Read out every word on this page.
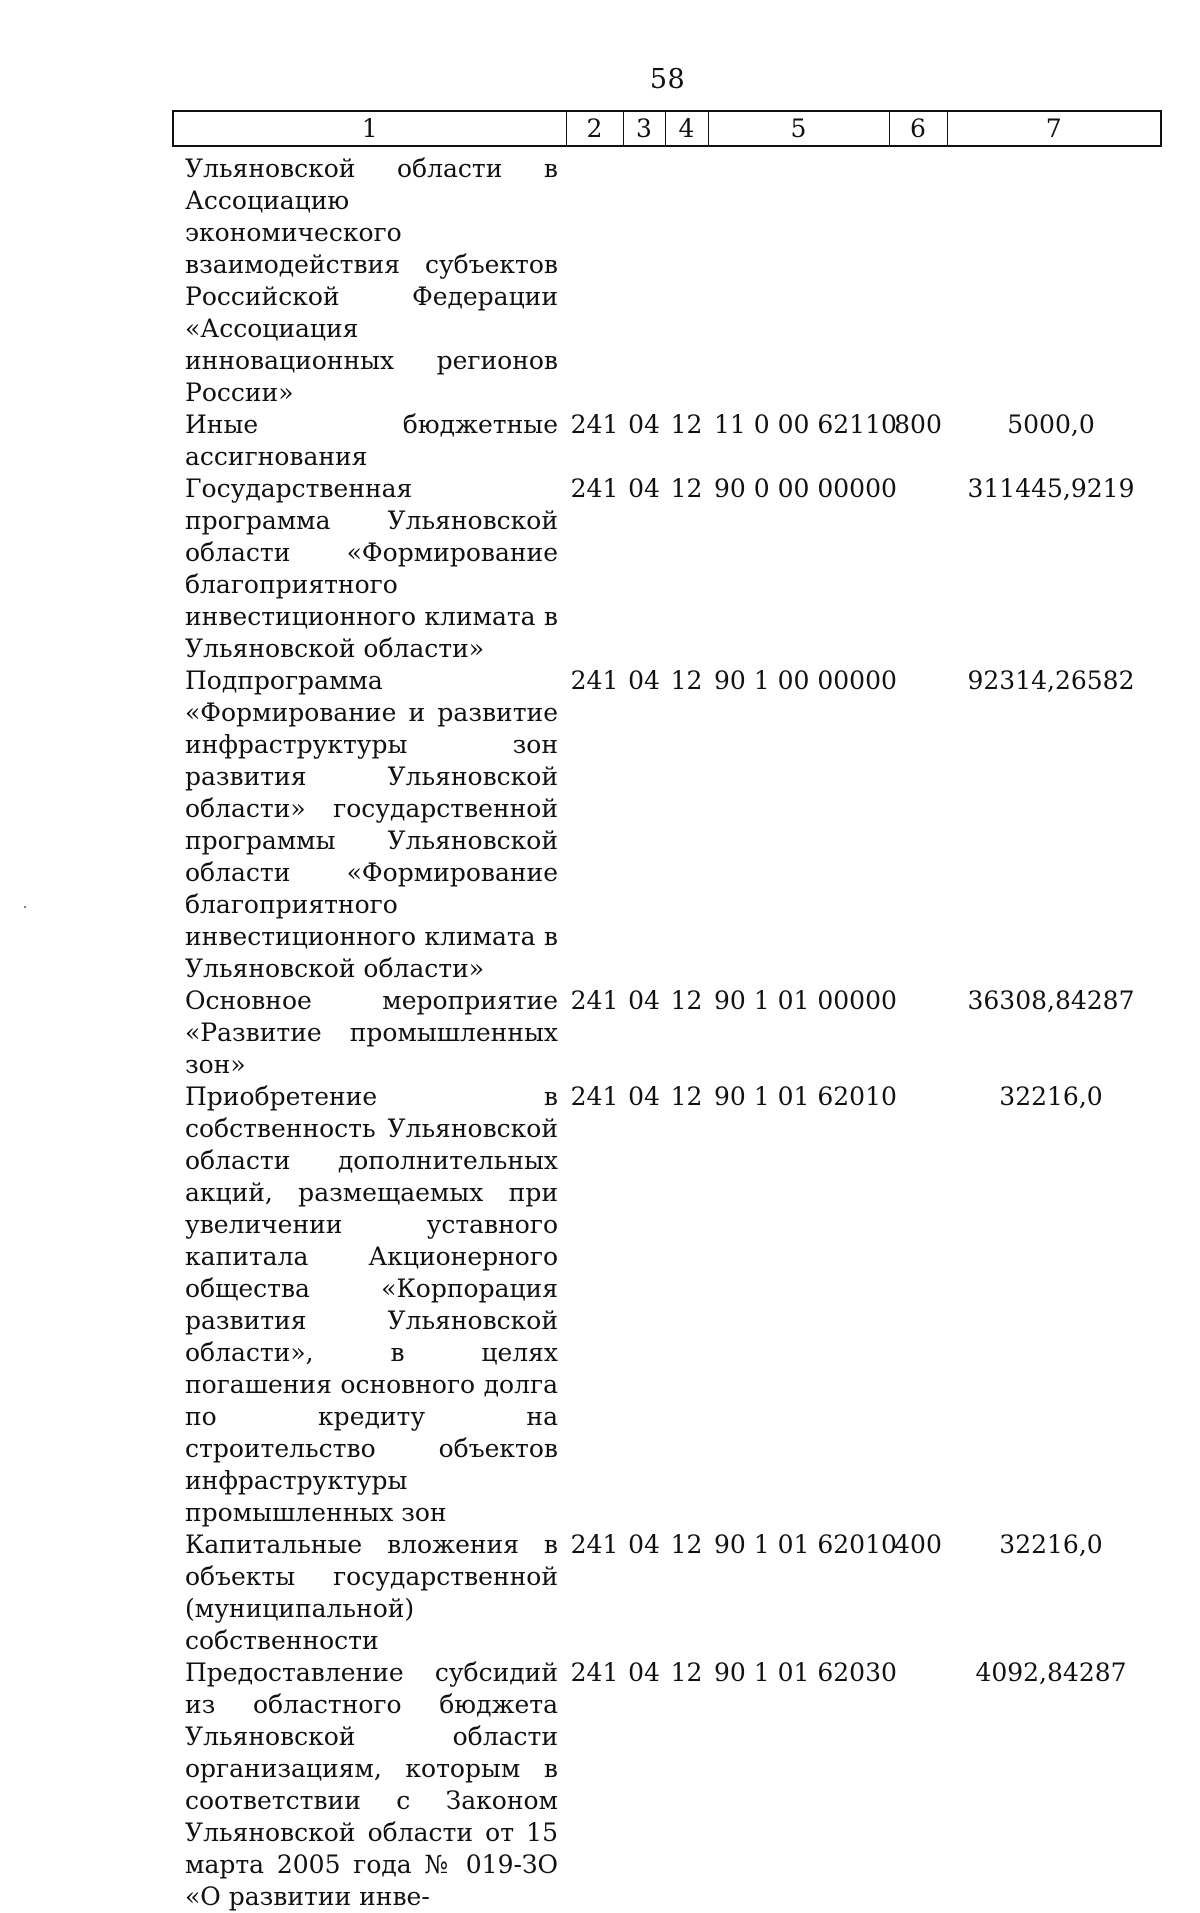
58
1	2	3	4	5	6	7
Ульяновской области в Ассоциацию экономического взаимодействия субъектов Российской Федерации «Ассоциация инновационных регионов России»						
Иные бюджетные ассигнования	241	04	12	11 0 00 62110	800	5000,0
Государственная программа Ульяновской области «Формирование благоприятного инвестиционного климата в Ульяновской области»	241	04	12	90 0 00 00000		311445,9219
Подпрограмма «Формирование и развитие инфраструктуры зон развития Ульяновской области» государственной программы Ульяновской области «Формирование благоприятного инвестиционного климата в Ульяновской области»	241	04	12	90 1 00 00000		92314,26582
Основное мероприятие «Развитие промышленных зон»	241	04	12	90 1 01 00000		36308,84287
Приобретение в собственность Ульяновской области дополнительных акций, размещаемых при увеличении уставного капитала Акционерного общества «Корпорация развития Ульяновской области», в целях погашения основного долга по кредиту на строительство объектов инфраструктуры промышленных зон	241	04	12	90 1 01 62010		32216,0
Капитальные вложения в объекты государственной (муниципальной) собственности	241	04	12	90 1 01 62010	400	32216,0
Предоставление субсидий из областного бюджета Ульяновской области организациям, которым в соответствии с Законом Ульяновской области от 15 марта 2005 года № 019-ЗО «О развитии инве-	241	04	12	90 1 01 62030		4092,84287
